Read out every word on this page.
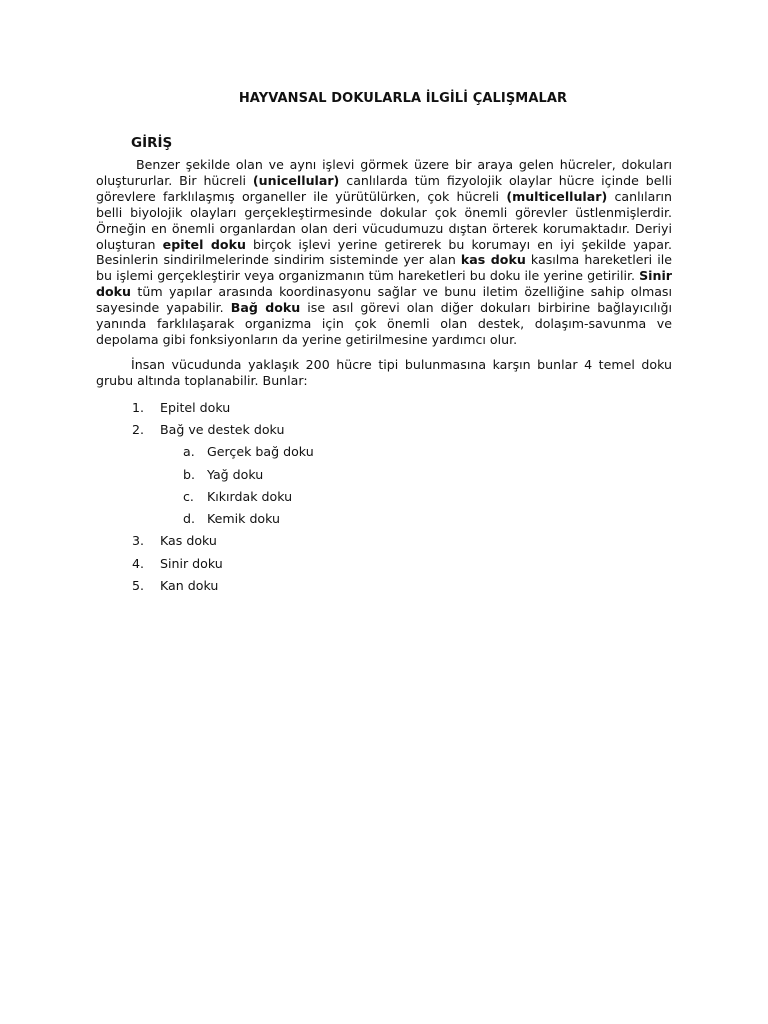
HAYVANSAL DOKULARLA İLGİLİ ÇALIŞMALAR
GİRİŞ

Benzer şekilde olan ve aynı işlevi görmek üzere bir araya gelen hücreler, dokuları oluştururlar. Bir hücreli (unicellular) canlılarda tüm fizyolojik olaylar hücre içinde belli görevlere farklılaşmış organeller ile yürütülürken, çok hücreli (multicellular) canlıların belli biyolojik olayları gerçekleştirmesinde dokular çok önemli görevler üstlenmişlerdir. Örneğin en önemli organlardan olan deri vücudumuzu dıştan örterek korumaktadır. Deriyi oluşturan epitel doku birçok işlevi yerine getirerek bu korumayı en iyi şekilde yapar. Besinlerin sindirilmelerinde sindirim sisteminde yer alan kas doku kasılma hareketleri ile bu işlemi gerçekleştirir veya organizmanın tüm hareketleri bu doku ile yerine getirilir. Sinir doku tüm yapılar arasında koordinasyonu sağlar ve bunu iletim özelliğine sahip olması sayesinde yapabilir. Bağ doku ise asıl görevi olan diğer dokuları birbirine bağlayıcılığı yanında farklılaşarak organizma için çok önemli olan destek, dolaşım-savunma ve depolama gibi fonksiyonların da yerine getirilmesine yardımcı olur.

İnsan vücudunda yaklaşık 200 hücre tipi bulunmasına karşın bunlar 4 temel doku grubu altında toplanabilir. Bunlar:

1. Epitel doku
2. Bağ ve destek doku
a. Gerçek bağ doku
b. Yağ doku
c. Kıkırdak doku
d. Kemik doku
3. Kas doku
4. Sinir doku
5. Kan doku
